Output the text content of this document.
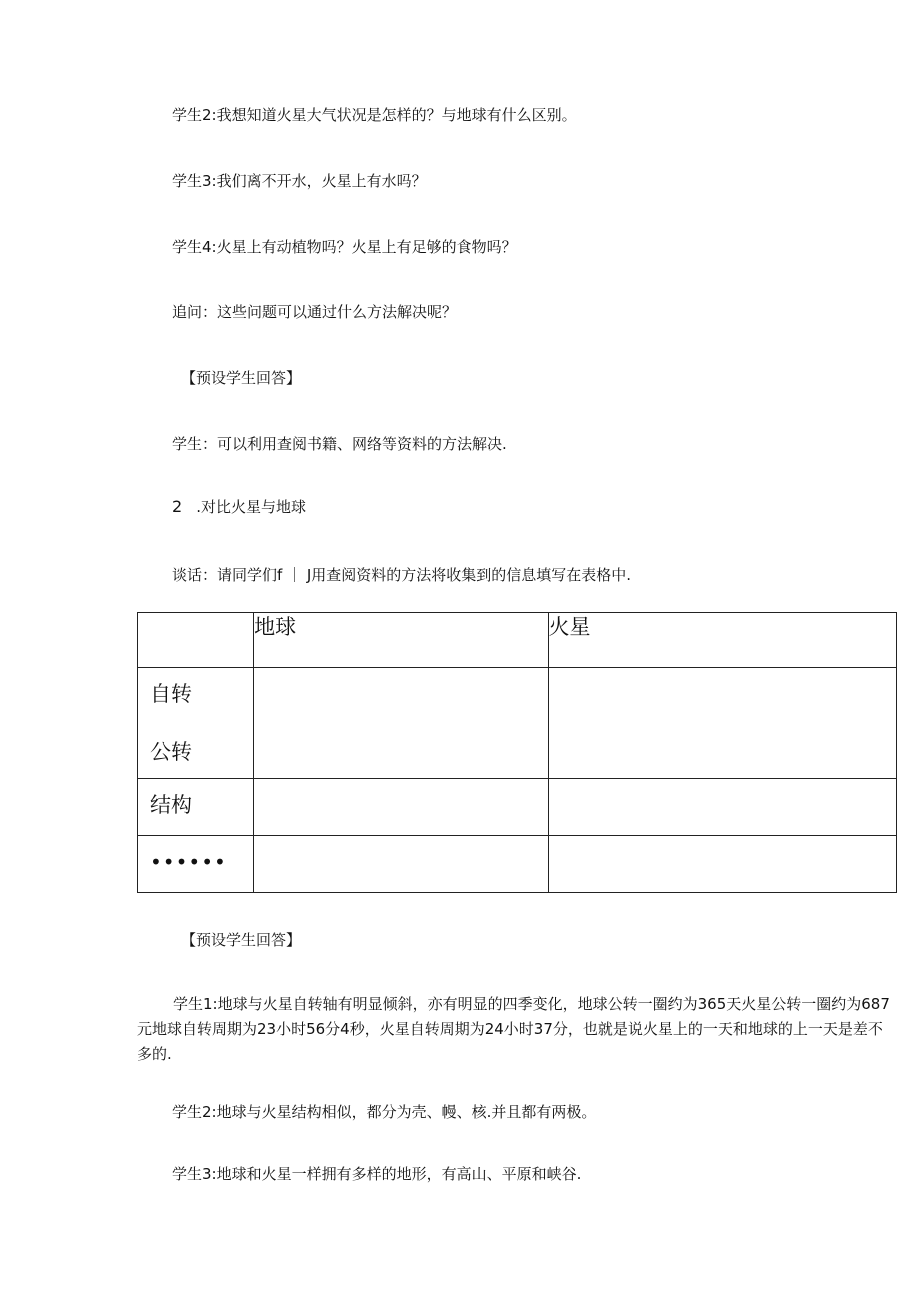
学生2:我想知道火星大气状况是怎样的？与地球有什么区别。
学生3:我们离不开水，火星上有水吗？
学生4:火星上有动植物吗？火星上有足够的食物吗？
追问：这些问题可以通过什么方法解决呢？
【预设学生回答】
学生：可以利用查阅书籍、网络等资料的方法解决.
2 .对比火星与地球
谈话：请同学们f ｜ J用查阅资料的方法将收集到的信息填写在表格中.
	地球	火星

自转
公转		

结构		

••••••		

【预设学生回答】
学生1:地球与火星自转轴有明显倾斜，亦有明显的四季变化，地球公转一圈约为365天火星公转一圈约为687元地球自转周期为23小时56分4秒，火星自转周期为24小时37分，也就是说火星上的一天和地球的上一天是差不多的.
学生2:地球与火星结构相似，都分为壳、幔、核.并且都有两极。
学生3:地球和火星一样拥有多样的地形，有高山、平原和峡谷.
